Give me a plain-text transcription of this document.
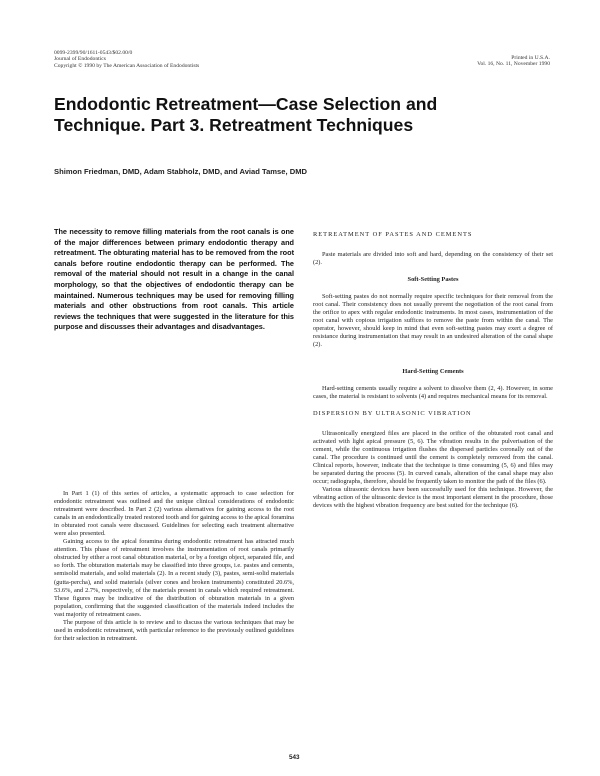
0099-2399/90/1611-0543/$02.00/0
Journal of Endodontics
Copyright © 1990 by The American Association of Endodontists
Printed in U.S.A.
Vol. 16, No. 11, November 1990
Endodontic Retreatment—Case Selection and
Technique. Part 3. Retreatment Techniques
Shimon Friedman, DMD, Adam Stabholz, DMD, and Aviad Tamse, DMD
The necessity to remove filling materials from the root canals is one of the major differences between primary endodontic therapy and retreatment. The obturating material has to be removed from the root canals before routine endodontic therapy can be performed. The removal of the material should not result in a change in the canal morphology, so that the objectives of endodontic therapy can be maintained. Numerous techniques may be used for removing filling materials and other obstructions from root canals. This article reviews the techniques that were suggested in the literature for this purpose and discusses their advantages and disadvantages.

In Part 1 (1) of this series of articles, a systematic approach to case selection for endodontic retreatment was outlined and the unique clinical considerations of endodontic retreatment were described. In Part 2 (2) various alternatives for gaining access to the root canals in an endodontically treated restored tooth and for gaining access to the apical foramina in obturated root canals were discussed. Guidelines for selecting each treatment alternative were also presented.

Gaining access to the apical foramina during endodontic retreatment has attracted much attention. This phase of retreatment involves the instrumentation of root canals primarily obstructed by either a root canal obturation material, or by a foreign object, separated file, and so forth. The obturation materials may be classified into three groups, i.e. pastes and cements, semisolid materials, and solid materials (2). In a recent study (3), pastes, semi-solid materials (gutta-percha), and solid materials (silver cones and broken instruments) constituted 20.6%, 53.6%, and 2.7%, respectively, of the materials present in canals which required retreatment. These figures may be indicative of the distribution of obturation materials in a given population, confirming that the suggested classification of the materials indeed includes the vast majority of retreatment cases.

The purpose of this article is to review and to discuss the various techniques that may be used in endodontic retreatment, with particular reference to the previously outlined guidelines for their selection in retreatment.

RETREATMENT OF PASTES AND CEMENTS

Paste materials are divided into soft and hard, depending on the consistency of their set (2).

Soft-Setting Pastes

Soft-setting pastes do not normally require specific techniques for their removal from the root canal. Their consistency does not usually prevent the negotiation of the root canal from the orifice to apex with regular endodontic instruments. In most cases, instrumentation of the root canal with copious irrigation suffices to remove the paste from within the canal. The operator, however, should keep in mind that even soft-setting pastes may exert a degree of resistance during instrumentation that may result in an undesired alteration of the canal shape (2).

Hard-Setting Cements

Hard-setting cements usually require a solvent to dissolve them (2, 4). However, in some cases, the material is resistant to solvents (4) and requires mechanical means for its removal.

DISPERSION BY ULTRASONIC VIBRATION

Ultrasonically energized files are placed in the orifice of the obturated root canal and activated with light apical pressure (5, 6). The vibration results in the pulverisation of the cement, while the continuous irrigation flushes the dispersed particles coronally out of the canal. The procedure is continued until the cement is completely removed from the canal. Clinical reports, however, indicate that the technique is time consuming (5, 6) and files may be separated during the process (5). In curved canals, alteration of the canal shape may also occur; radiographs, therefore, should be frequently taken to monitor the path of the files (6).

Various ultrasonic devices have been successfully used for this technique. However, the vibrating action of the ultrasonic device is the most important element in the procedure, those devices with the highest vibration frequency are best suited for the technique (6).

543
